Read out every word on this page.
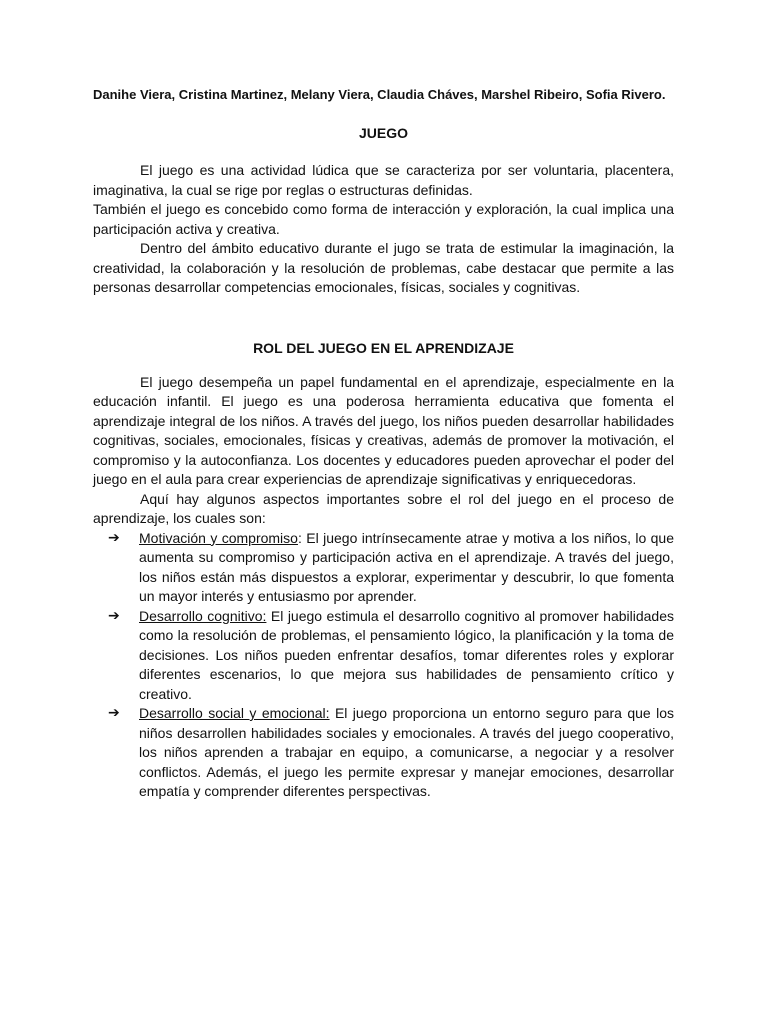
Danihe Viera, Cristina Martinez, Melany Viera, Claudia Cháves, Marshel Ribeiro, Sofia Rivero.

JUEGO

El juego es una actividad lúdica que se caracteriza por ser voluntaria, placentera, imaginativa, la cual se rige por reglas o estructuras definidas.

También el juego es concebido como forma de interacción y exploración, la cual implica una participación activa y creativa.

Dentro del ámbito educativo durante el jugo se trata de estimular la imaginación, la creatividad, la colaboración y la resolución de problemas, cabe destacar que permite a las personas desarrollar competencias emocionales, físicas, sociales y cognitivas.

ROL DEL JUEGO EN EL APRENDIZAJE

El juego desempeña un papel fundamental en el aprendizaje, especialmente en la educación infantil. El juego es una poderosa herramienta educativa que fomenta el aprendizaje integral de los niños. A través del juego, los niños pueden desarrollar habilidades cognitivas, sociales, emocionales, físicas y creativas, además de promover la motivación, el compromiso y la autoconfianza. Los docentes y educadores pueden aprovechar el poder del juego en el aula para crear experiencias de aprendizaje significativas y enriquecedoras.

Aquí hay algunos aspectos importantes sobre el rol del juego en el proceso de aprendizaje, los cuales son:

➔ Motivación y compromiso: El juego intrínsecamente atrae y motiva a los niños, lo que aumenta su compromiso y participación activa en el aprendizaje. A través del juego, los niños están más dispuestos a explorar, experimentar y descubrir, lo que fomenta un mayor interés y entusiasmo por aprender.
➔ Desarrollo cognitivo: El juego estimula el desarrollo cognitivo al promover habilidades como la resolución de problemas, el pensamiento lógico, la planificación y la toma de decisiones. Los niños pueden enfrentar desafíos, tomar diferentes roles y explorar diferentes escenarios, lo que mejora sus habilidades de pensamiento crítico y creativo.
➔ Desarrollo social y emocional: El juego proporciona un entorno seguro para que los niños desarrollen habilidades sociales y emocionales. A través del juego cooperativo, los niños aprenden a trabajar en equipo, a comunicarse, a negociar y a resolver conflictos. Además, el juego les permite expresar y manejar emociones, desarrollar empatía y comprender diferentes perspectivas.
